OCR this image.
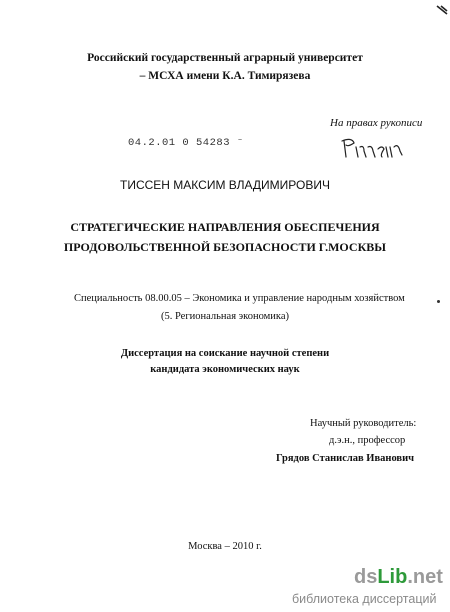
Российский государственный аграрный университет
– МСХА имени К.А. Тимирязева
На правах рукописи
04.2.01 0 54283 ⁻
ТИССЕН МАКСИМ ВЛАДИМИРОВИЧ
СТРАТЕГИЧЕСКИЕ НАПРАВЛЕНИЯ ОБЕСПЕЧЕНИЯ
ПРОДОВОЛЬСТВЕННОЙ БЕЗОПАСНОСТИ Г.МОСКВЫ
Специальность 08.00.05 – Экономика и управление народным хозяйством
(5. Региональная экономика)
Диссертация на соискание научной степени
кандидата экономических наук
Научный руководитель:
д.э.н., профессор
Грядов Станислав Иванович
Москва – 2010 г.
dsLib.net
библиотека диссертаций
